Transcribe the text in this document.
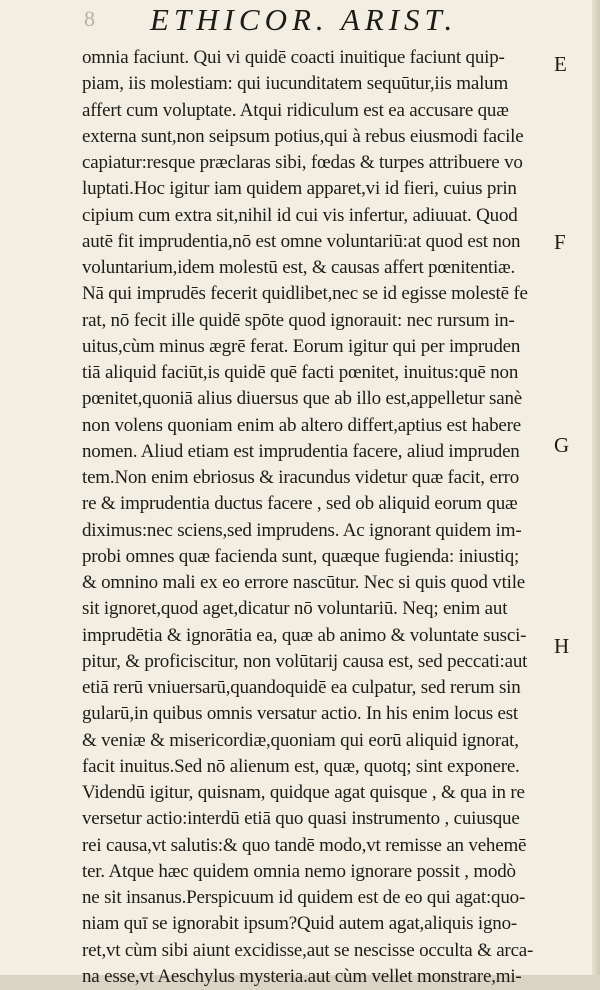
8 ETHICOR. ARIST.
omnia faciunt. Qui vi quidē coacti inuitique faciunt quip-
piam, iis molestiam: qui iucunditatem sequūtur,iis malum
affert cum voluptate. Atqui ridiculum est ea accusare quæ
externa sunt,non seipsum potius,qui à rebus eiusmodi facile
capiatur:resque præclaras sibi, fœdas & turpes attribuere vo
luptati.Hoc igitur iam quidem apparet,vi id fieri, cuius prin
cipium cum extra sit,nihil id cui vis infertur, adiuuat. Quod
autē fit imprudentia,nō est omne voluntariū:at quod est non
voluntarium,idem molestū est, & causas affert pœnitentiæ.
Nā qui imprudēs fecerit quidlibet,nec se id egisse molestē fe
rat, nō fecit ille quidē spōte quod ignorauit: nec rursum in-
uitus,cùm minus ægrē ferat. Eorum igitur qui per impruden
tiā aliquid faciūt,is quidē quē facti pœnitet, inuitus:quē non
pœnitet,quoniā alius diuersus que ab illo est,appelletur sanè
non volens quoniam enim ab altero differt,aptius est habere
nomen. Aliud etiam est imprudentia facere, aliud impruden
tem.Non enim ebriosus & iracundus videtur quæ facit, erro
re & imprudentia ductus facere , sed ob aliquid eorum quæ
diximus:nec sciens,sed imprudens. Ac ignorant quidem im-
probi omnes quæ facienda sunt, quæque fugienda: iniustiq;
& omnino mali ex eo errore nascūtur. Nec si quis quod vtile
sit ignoret,quod aget,dicatur nō voluntariū. Neq; enim aut
imprudētia & ignorātia ea, quæ ab animo & voluntate susci-
pitur, & proficiscitur, non volūtarij causa est, sed peccati:aut
etiā rerū vniuersarū,quandoquidē ea culpatur, sed rerum sin
gularū,in quibus omnis versatur actio. In his enim locus est
& veniæ & misericordiæ,quoniam qui eorū aliquid ignorat,
facit inuitus.Sed nō alienum est, quæ, quotq; sint exponere.
Videndū igitur, quisnam, quidque agat quisque , & qua in re
versetur actio:interdū etiā quo quasi instrumento , cuiusque
rei causa,vt salutis:& quo tandē modo,vt remisse an vehemē
ter. Atque hæc quidem omnia nemo ignorare possit , modò
ne sit insanus.Perspicuum id quidem est de eo qui agat:quo-
niam quī se ignorabit ipsum?Quid autem agat,aliquis igno-
ret,vt cùm sibi aiunt excidisse,aut se nescisse occulta & arca-
na esse,vt Aeschylus mysteria.aut cùm vellet monstrare,mi-
E
F
G
H
